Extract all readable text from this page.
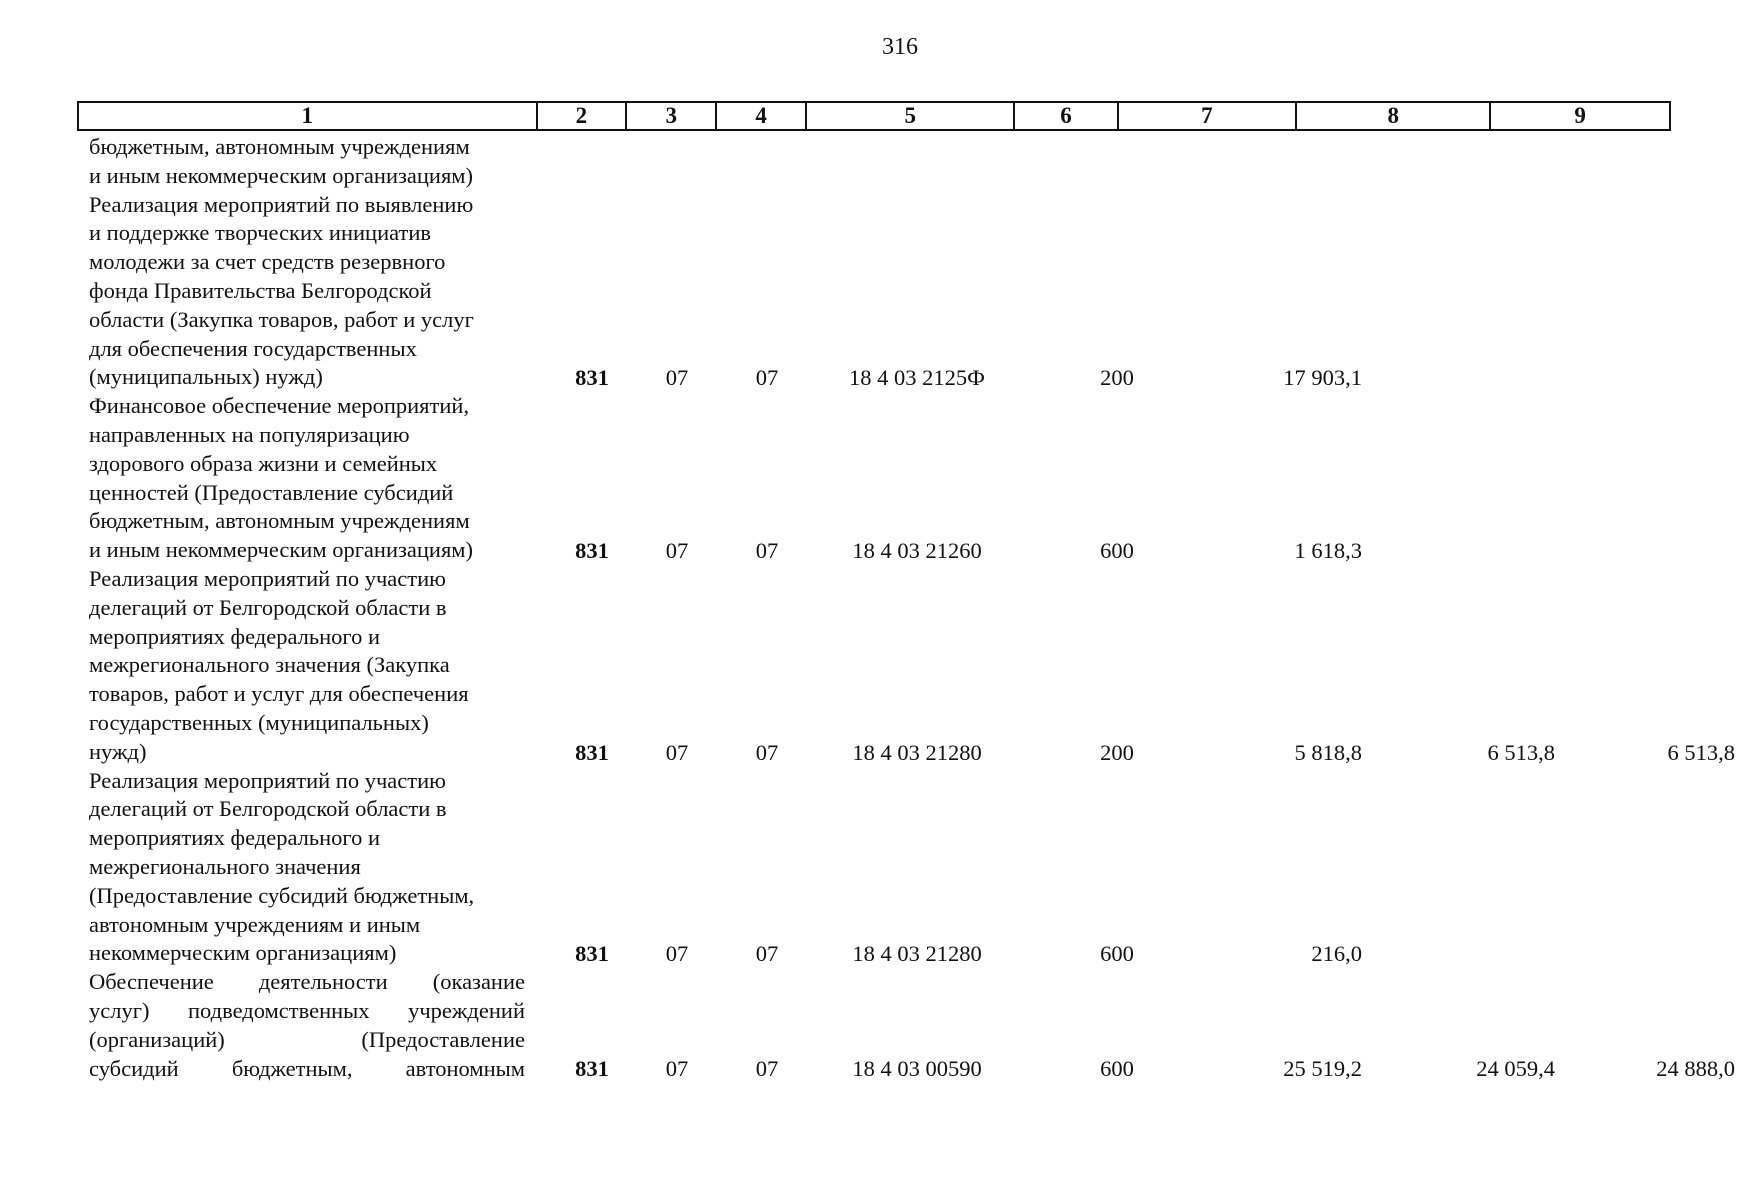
316
1	2	3	4	5	6	7	8	9
бюджетным, автономным учреждениям
и иным некоммерческим организациям)
Реализация мероприятий по выявлению
и поддержке творческих инициатив
молодежи за счет средств резервного
фонда Правительства Белгородской
области (Закупка товаров, работ и услуг
для обеспечения государственных
(муниципальных) нужд)	831	07	07	18 4 03 2125Ф	200	17 903,1
Финансовое обеспечение мероприятий,
направленных на популяризацию
здорового образа жизни и семейных
ценностей (Предоставление субсидий
бюджетным, автономным учреждениям
и иным некоммерческим организациям)	831	07	07	18 4 03 21260	600	1 618,3
Реализация мероприятий по участию
делегаций от Белгородской области в
мероприятиях федерального и
межрегионального значения (Закупка
товаров, работ и услуг для обеспечения
государственных (муниципальных)
нужд)	831	07	07	18 4 03 21280	200	5 818,8	6 513,8	6 513,8
Реализация мероприятий по участию
делегаций от Белгородской области в
мероприятиях федерального и
межрегионального значения
(Предоставление субсидий бюджетным,
автономным учреждениям и иным
некоммерческим организациям)	831	07	07	18 4 03 21280	600	216,0
Обеспечение деятельности (оказание
услуг) подведомственных учреждений
(организаций) (Предоставление
субсидий бюджетным, автономным	831	07	07	18 4 03 00590	600	25 519,2	24 059,4	24 888,0
